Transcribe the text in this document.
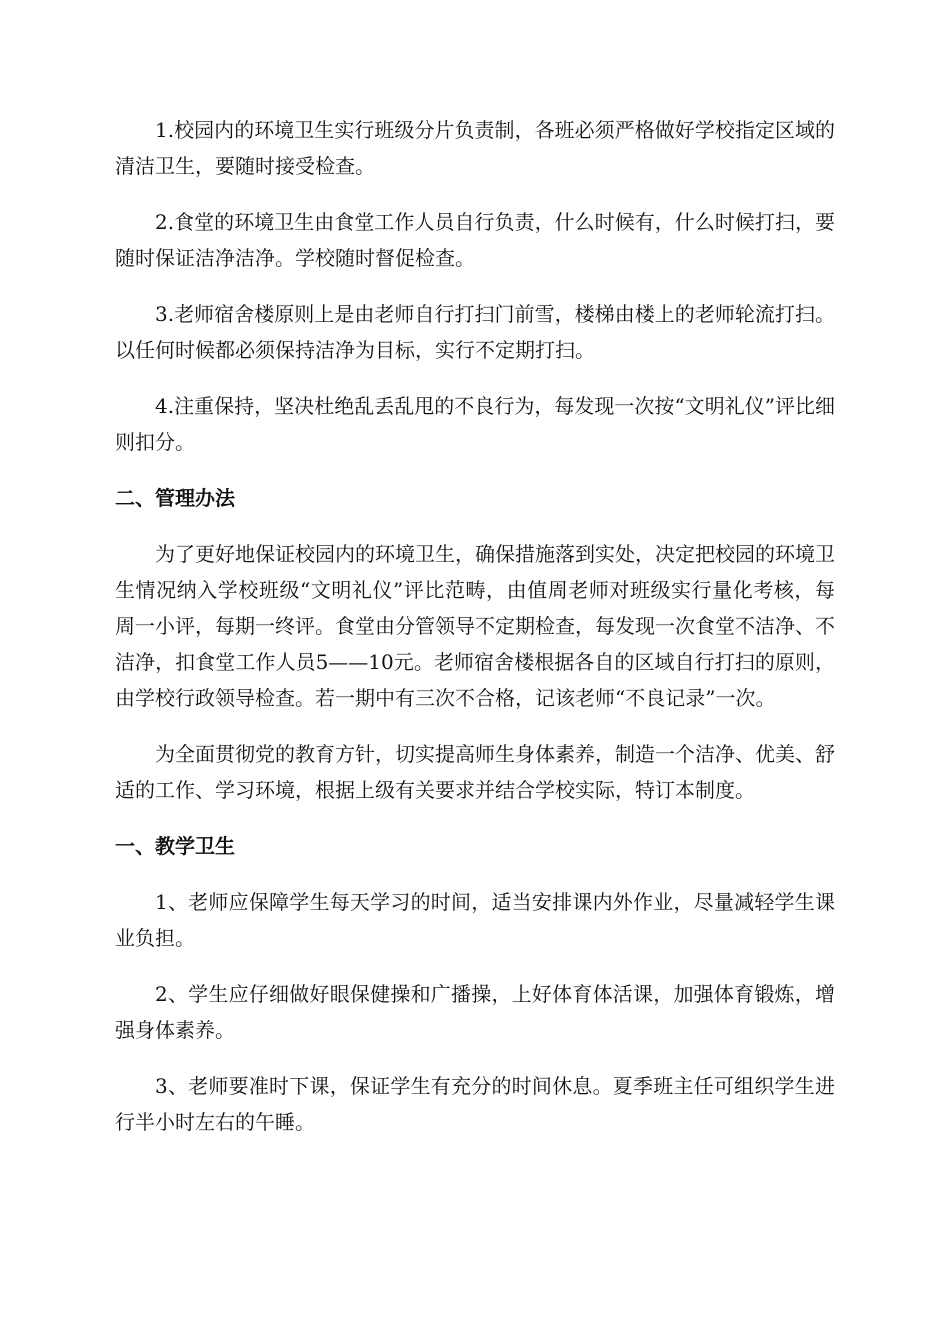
1.校园内的环境卫生实行班级分片负责制，各班必须严格做好学校指定区域的清洁卫生，要随时接受检查。

2.食堂的环境卫生由食堂工作人员自行负责，什么时候有，什么时候打扫，要随时保证洁净洁净。学校随时督促检查。

3.老师宿舍楼原则上是由老师自行打扫门前雪，楼梯由楼上的老师轮流打扫。以任何时候都必须保持洁净为目标，实行不定期打扫。

4.注重保持，坚决杜绝乱丢乱甩的不良行为，每发现一次按“文明礼仪”评比细则扣分。

二、管理办法

为了更好地保证校园内的环境卫生，确保措施落到实处，决定把校园的环境卫生情况纳入学校班级“文明礼仪”评比范畴，由值周老师对班级实行量化考核，每周一小评，每期一终评。食堂由分管领导不定期检查，每发现一次食堂不洁净、不洁净，扣食堂工作人员5——10元。老师宿舍楼根据各自的区域自行打扫的原则，由学校行政领导检查。若一期中有三次不合格，记该老师“不良记录”一次。

为全面贯彻党的教育方针，切实提高师生身体素养，制造一个洁净、优美、舒适的工作、学习环境，根据上级有关要求并结合学校实际，特订本制度。

一、教学卫生

1、老师应保障学生每天学习的时间，适当安排课内外作业，尽量减轻学生课业负担。

2、学生应仔细做好眼保健操和广播操，上好体育体活课，加强体育锻炼，增强身体素养。

3、老师要准时下课，保证学生有充分的时间休息。夏季班主任可组织学生进行半小时左右的午睡。
